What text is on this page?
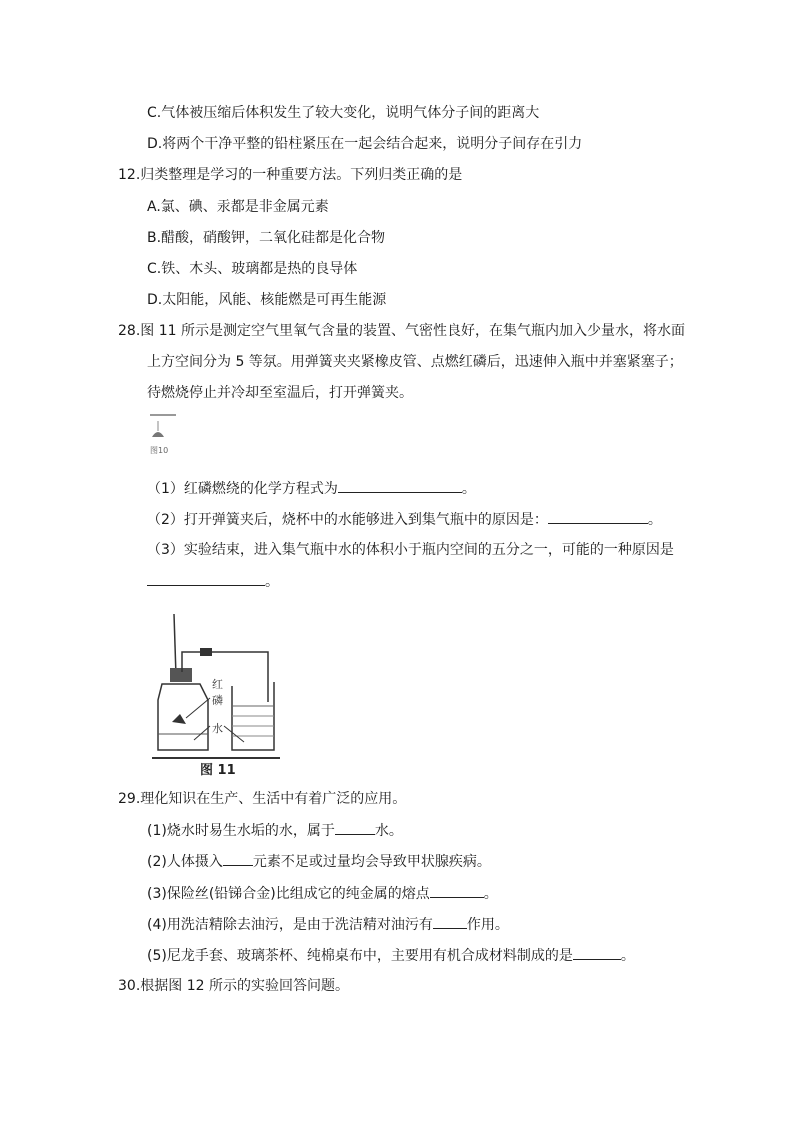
C.气体被压缩后体积发生了较大变化，说明气体分子间的距离大
D.将两个干净平整的铅柱紧压在一起会结合起来，说明分子间存在引力
12.归类整理是学习的一种重要方法。下列归类正确的是
A.氯、碘、汞都是非金属元素
B.醋酸，硝酸钾，二氧化硅都是化合物
C.铁、木头、玻璃都是热的良导体
D.太阳能，风能、核能燃是可再生能源
28.图 11 所示是测定空气里氧气含量的装置、气密性良好，在集气瓶内加入少量水，将水面
上方空间分为 5 等氛。用弹簧夹夹紧橡皮管、点燃红磷后，迅速伸入瓶中并塞紧塞子；
待燃烧停止并冷却至室温后，打开弹簧夹。
图10
（1）红磷燃绕的化学方程式为	。
（2）打开弹簧夹后，烧杯中的水能够进入到集气瓶中的原因是：	。
（3）实验结束，进入集气瓶中水的体积小于瓶内空间的五分之一，可能的一种原因是
。
红
磷
水
图 11
29.理化知识在生产、生活中有着广泛的应用。
(1)烧水时易生水垢的水，属于	水。
(2)人体摄入 元素不足或过量均会导致甲状腺疾病。
(3)保险丝(铅锑合金)比组成它的纯金属的熔点	。
(4)用洗洁精除去油污，是由于洗洁精对油污有 作用。
(5)尼龙手套、玻璃茶杯、纯棉桌布中，主要用有机合成材料制成的是	。
30.根据图 12 所示的实验回答问题。
